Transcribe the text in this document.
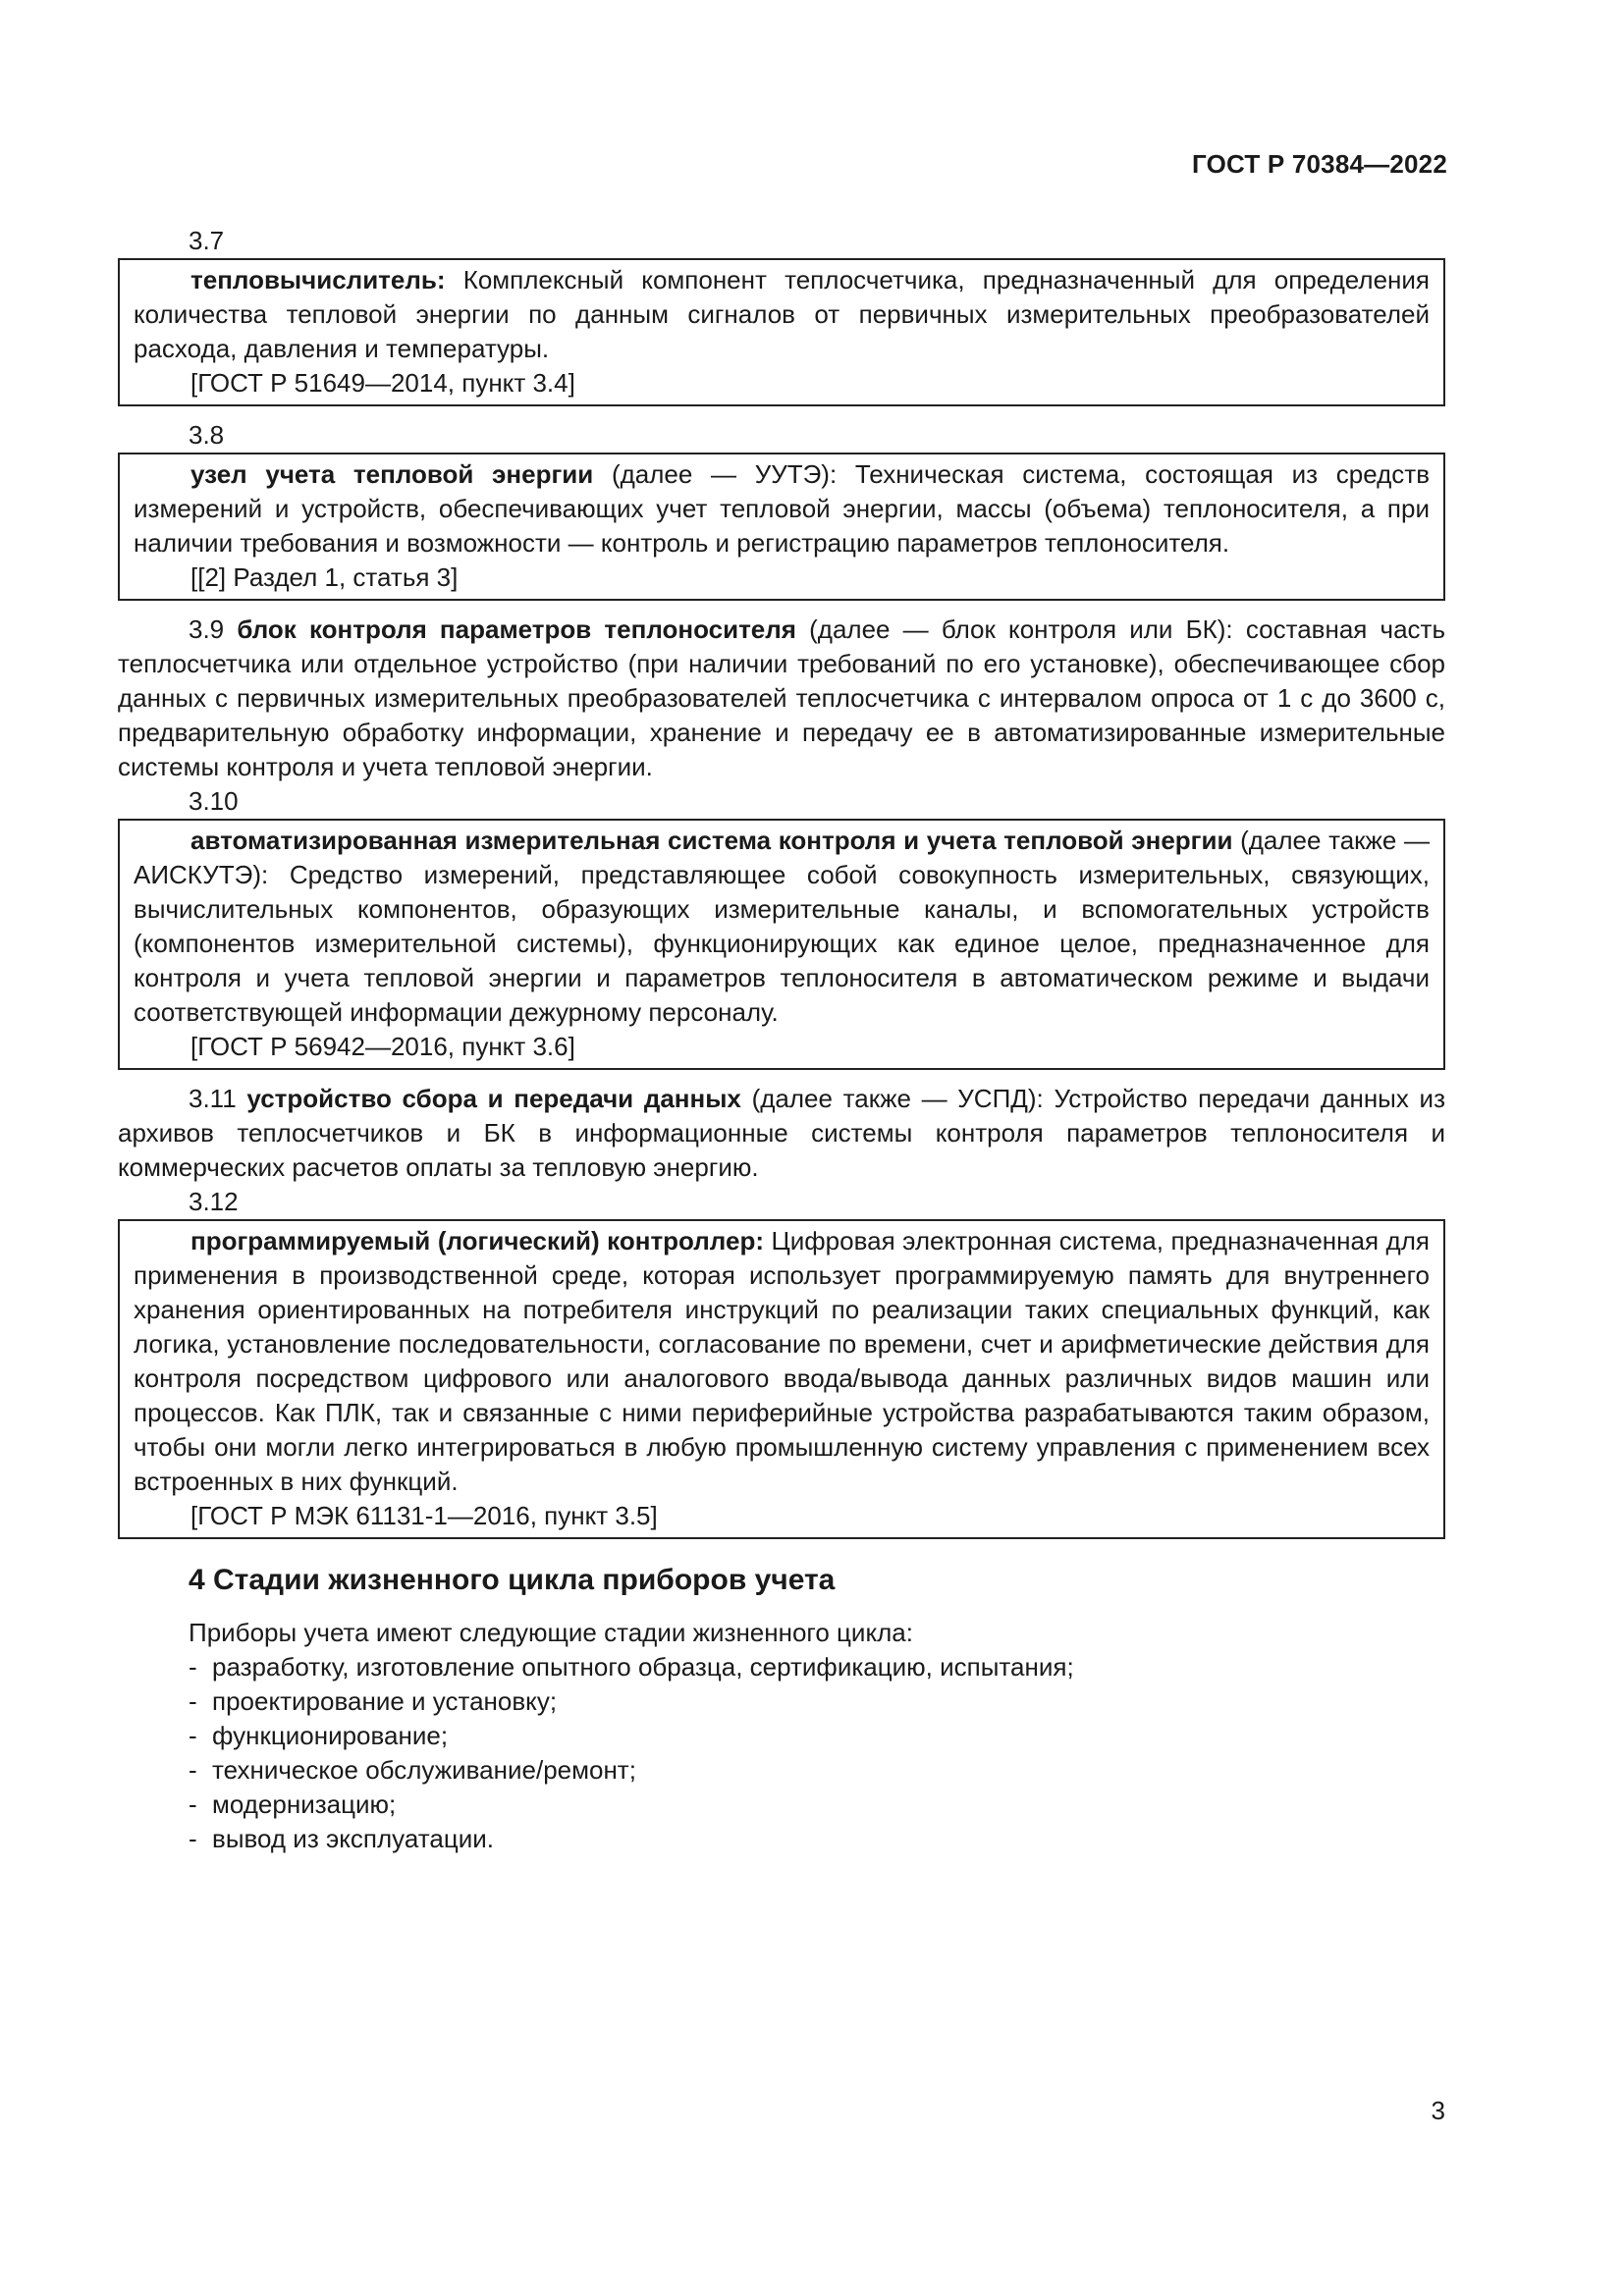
ГОСТ Р 70384—2022
3.7

тепловычислитель: Комплексный компонент теплосчетчика, предназначенный для определения количества тепловой энергии по данным сигналов от первичных измерительных преобразователей расхода, давления и температуры.

[ГОСТ Р 51649—2014, пункт 3.4]

3.8

узел учета тепловой энергии (далее — УУТЭ): Техническая система, состоящая из средств измерений и устройств, обеспечивающих учет тепловой энергии, массы (объема) теплоносителя, а при наличии требования и возможности — контроль и регистрацию параметров теплоносителя.

[[2] Раздел 1, статья 3]

3.9 блок контроля параметров теплоносителя (далее — блок контроля или БК): составная часть теплосчетчика или отдельное устройство (при наличии требований по его установке), обеспечивающее сбор данных с первичных измерительных преобразователей теплосчетчика с интервалом опроса от 1 с до 3600 с, предварительную обработку информации, хранение и передачу ее в автоматизированные измерительные системы контроля и учета тепловой энергии.

3.10

автоматизированная измерительная система контроля и учета тепловой энергии (далее также — АИСКУТЭ): Средство измерений, представляющее собой совокупность измерительных, связующих, вычислительных компонентов, образующих измерительные каналы, и вспомогательных устройств (компонентов измерительной системы), функционирующих как единое целое, предназначенное для контроля и учета тепловой энергии и параметров теплоносителя в автоматическом режиме и выдачи соответствующей информации дежурному персоналу.

[ГОСТ Р 56942—2016, пункт 3.6]

3.11 устройство сбора и передачи данных (далее также — УСПД): Устройство передачи данных из архивов теплосчетчиков и БК в информационные системы контроля параметров теплоносителя и коммерческих расчетов оплаты за тепловую энергию.

3.12

программируемый (логический) контроллер: Цифровая электронная система, предназначенная для применения в производственной среде, которая использует программируемую память для внутреннего хранения ориентированных на потребителя инструкций по реализации таких специальных функций, как логика, установление последовательности, согласование по времени, счет и арифметические действия для контроля посредством цифрового или аналогового ввода/вывода данных различных видов машин или процессов. Как ПЛК, так и связанные с ними периферийные устройства разрабатываются таким образом, чтобы они могли легко интегрироваться в любую промышленную систему управления с применением всех встроенных в них функций.

[ГОСТ Р МЭК 61131-1—2016, пункт 3.5]

4 Стадии жизненного цикла приборов учета
Приборы учета имеют следующие стадии жизненного цикла:
- разработку, изготовление опытного образца, сертификацию, испытания;
- проектирование и установку;
- функционирование;
- техническое обслуживание/ремонт;
- модернизацию;
- вывод из эксплуатации.
3
